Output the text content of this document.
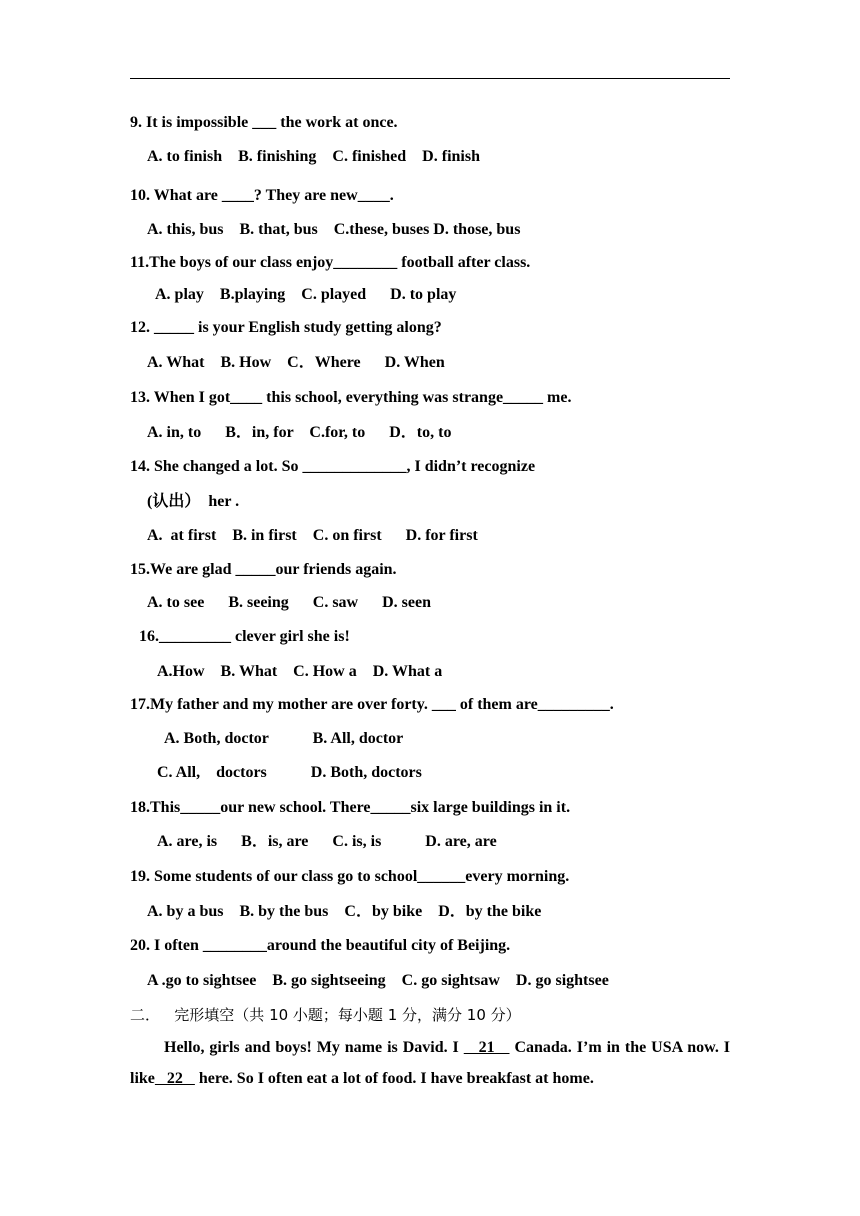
9. It is impossible ___ the work at once.
A. to finish    B. finishing    C. finished    D. finish
10. What are ____? They are new____.
A. this, bus    B. that, bus    C.these, buses D. those, bus
11.The boys of our class enjoy________ football after class.
A. play    B.playing    C. played      D. to play
12. _____ is your English study getting along?
A. What    B. How    C．Where      D. When
13. When I got____ this school, everything was strange_____ me.
A. in, to      B．in, for    C.for, to      D．to, to
14. She changed a lot. So _____________, I didn’t recognize
(认出）  her .
A.  at first    B. in first    C. on first      D. for first
15.We are glad _____our friends again.
A. to see      B. seeing      C. saw      D. seen
16._________ clever girl she is!
A.How    B. What    C. How a    D. What a
17.My father and my mother are over forty. ___ of them are_________.
A. Both, doctor           B. All, doctor
C. All,    doctors           D. Both, doctors
18.This_____our new school. There_____six large buildings in it.
A. are, is      B．is, are      C. is, is           D. are, are
19. Some students of our class go to school______every morning.
A. by a bus    B. by the bus    C．by bike    D．by the bike
20. I often ________around the beautiful city of Beijing.
A .go to sightsee    B. go sightseeing    C. go sightsaw    D. go sightsee
二．   完形填空（共 10 小题；每小题 1 分，满分 10 分）
Hello, girls and boys! My name is David. I    21    Canada. I’m in the USA now. I like   22    here. So I often eat a lot of food. I have breakfast at home.
